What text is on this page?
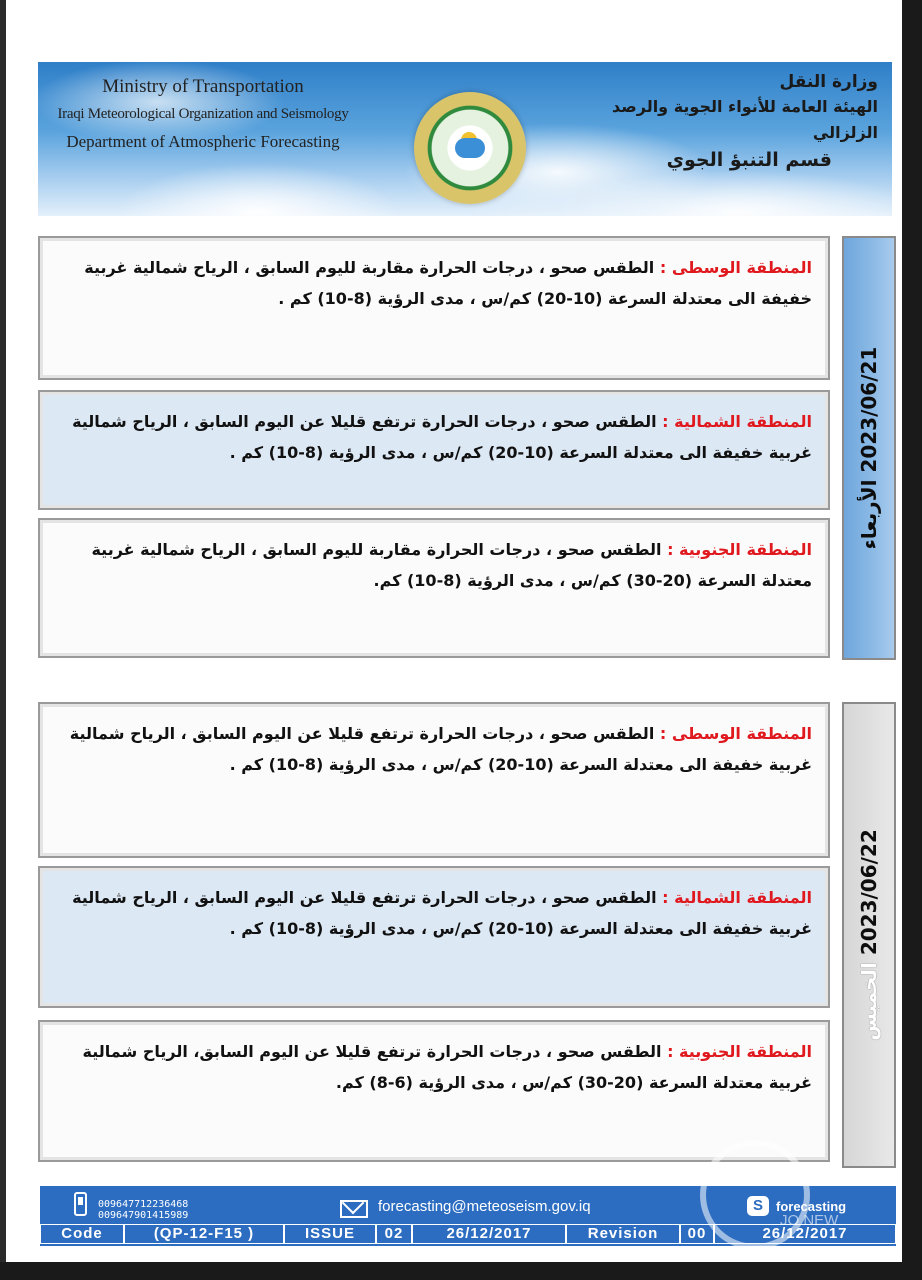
Ministry of Transportation
Iraqi Meteorological Organization and Seismology
Department of Atmospheric Forecasting
وزارة النقل
الهيئة العامة للأنواء الجوية والرصد الزلزالي
قسم التنبؤ الجوي
2023/06/21 الأربعاء
المنطقة الوسطى : الطقس صحو ، درجات الحرارة مقاربة لليوم السابق ، الرياح شمالية غربية خفيفة الى معتدلة السرعة (10-20) كم/س ، مدى الرؤية (8-10) كم .
المنطقة الشمالية : الطقس صحو ، درجات الحرارة ترتفع قليلا عن اليوم السابق ، الرياح شمالية غربية خفيفة الى معتدلة السرعة (10-20) كم/س ، مدى الرؤية (8-10) كم .
المنطقة الجنوبية : الطقس صحو ، درجات الحرارة مقاربة لليوم السابق ، الرياح شمالية غربية معتدلة السرعة (20-30) كم/س ، مدى الرؤية (8-10) كم.
2023/06/22 الخميس
المنطقة الوسطى : الطقس صحو ، درجات الحرارة ترتفع قليلا عن اليوم السابق ، الرياح شمالية غربية خفيفة الى معتدلة السرعة (10-20) كم/س ، مدى الرؤية (8-10) كم .
المنطقة الشمالية : الطقس صحو ، درجات الحرارة ترتفع قليلا عن اليوم السابق ، الرياح شمالية غربية خفيفة الى معتدلة السرعة (10-20) كم/س ، مدى الرؤية (8-10) كم .
المنطقة الجنوبية : الطقس صحو ، درجات الحرارة ترتفع قليلا عن اليوم السابق، الرياح شمالية غربية معتدلة السرعة (20-30) كم/س ، مدى الرؤية (6-8) كم.
009647712236468
009647901415989
forecasting@meteoseism.gov.iq	S	forecasting
Code	(QP-12-F15 )	ISSUE	02	26/12/2017	Revision	00	26/12/2017
JO NEW
